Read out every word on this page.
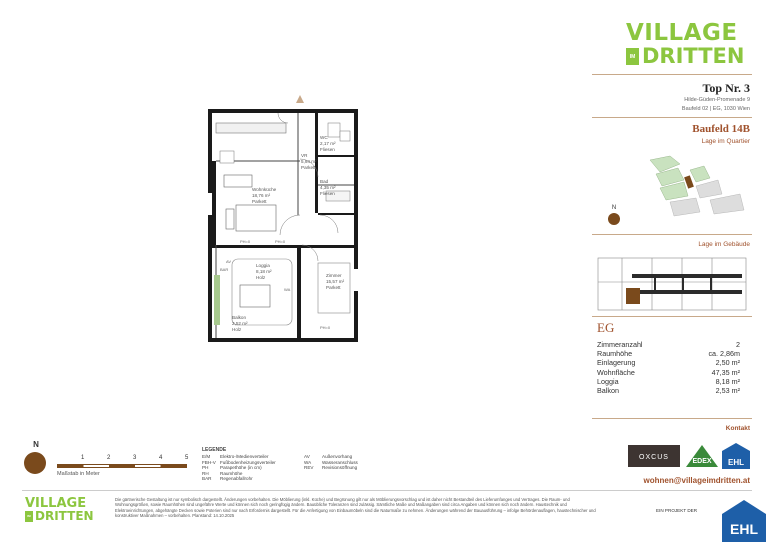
WC
2,17 m²
Fliesen
VR
5,94 m²
Parkett
Bad
4,35 m²
Fliesen
Wohnküche
18,76 m²
Parkett
Loggia
8,18 m²
Holz	Zimmer
15,57 m²
Parkett
Balkon
2,52 m²
Holz
PH=0	PH=0
PH=0
BAR
AV
WA
VILLAGE
IM DRITTEN
Top Nr. 3
Hilde-Güden-Promenade 9
Baufeld 02 | EG, 1030 Wien
Baufeld 14B
Lage im Quartier
N
Lage im Gebäude
EG
Zimmeranzahl	2
Raumhöhe	ca. 2,86m
Einlagerung	2,50 m²
Wohnfläche	47,35 m²
Loggia	8,18 m²
Balkon	2,53 m²
Kontakt
OXCUS
EDEX EHL
wohnen@villageimdritten.at
N
1	2	3	4	5
Maßstab in Meter
LEGENDE
E/M	Elektro-/Medienverteiler
FBH-V Fußbodenheizungsverteiler
PH	Parapethöhe (in cm)
RH	Raumhöhe
BAR	Regenabfallrohr
AV	Außenvorhang
WA	Wasseranschluss
REV	Revisionsöffnung
VILLAGE
IM DRITTEN
Die gärtnerische Gestaltung ist nur symbolisch dargestellt. Änderungen vorbehalten. Die Möblierung (inkl. Küche) und Begrünung gilt nur als Möblierungsvorschlag und ist daher nicht Bestandteil des Lieferumfanges und Vertrages. Die Raum- und Wohnungsgrößen, sowie Raumhöhen sind ungefähre Werte und können sich noch geringfügig ändern. Bauübliche Toleranzen sind zulässig. Sämtliche Maße und Maßangaben sind circa Angaben und können sich noch ändern. Haustechnik und Elektroeinrichtungen, abgehängte Decken sowie Poterien sind nur nach Erfordernis dargestellt. Für die Anfertigung von Einbaumöbeln sind die Naturmaße zu nehmen. Änderungen während der Bauausführung – infolge Behördenauflagen, haustechnischer und konstruktiver Maßnahmen – vorbehalten. Planstand: 14.10.2025
EIN PROJEKT DER
EHL
